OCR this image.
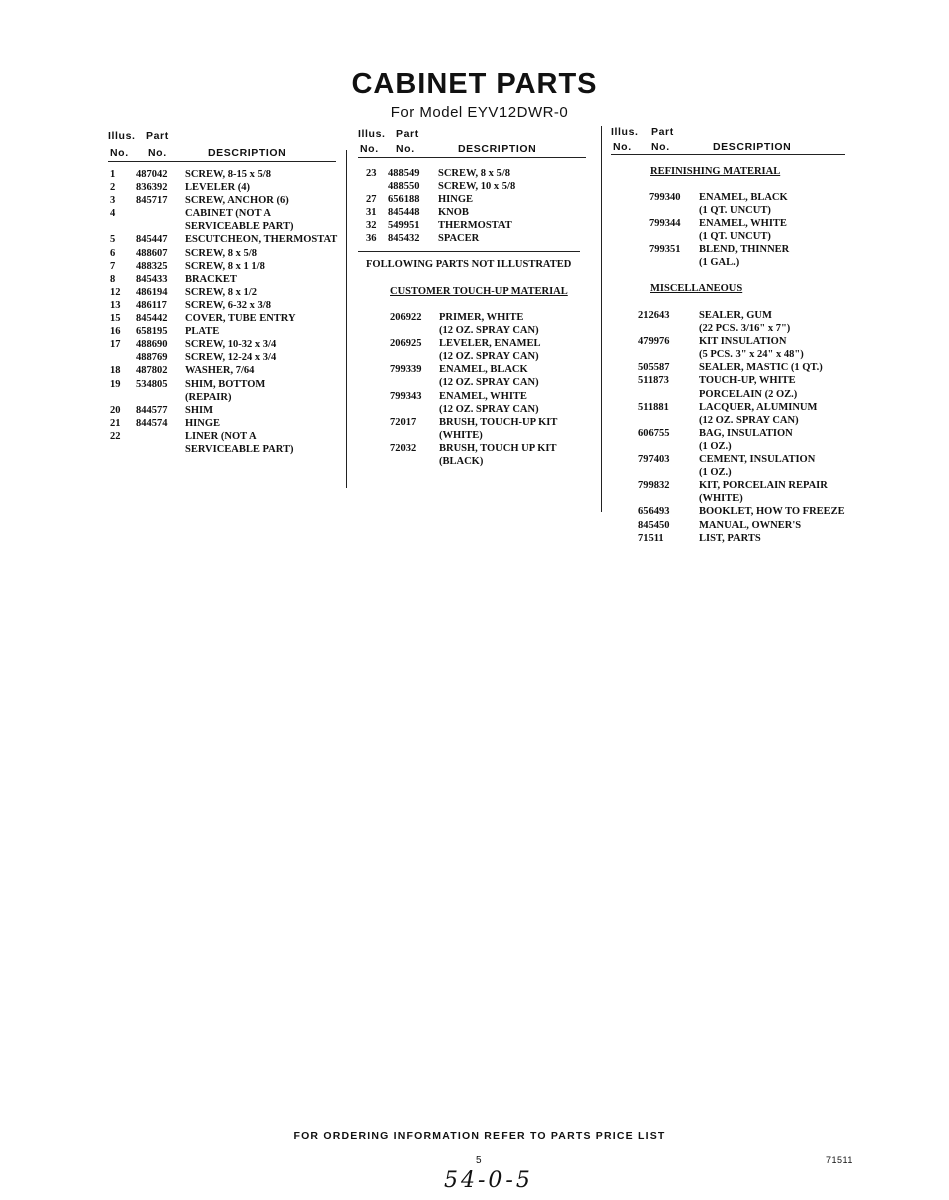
CABINET PARTS
For Model EYV12DWR-0
Illus. Part
No. No.	DESCRIPTION
1 487042 SCREW, 8-15 x 5/8
2 836392 LEVELER (4)
3 845717 SCREW, ANCHOR (6)
4	CABINET (NOT A
SERVICEABLE PART)
5 845447 ESCUTCHEON, THERMOSTAT
6 488607 SCREW, 8 x 5/8
7 488325 SCREW, 8 x 1 1/8
8 845433 BRACKET
12 486194 SCREW, 8 x 1/2
13 486117 SCREW, 6-32 x 3/8
15 845442 COVER, TUBE ENTRY
16 658195 PLATE
17 488690 SCREW, 10-32 x 3/4
488769 SCREW, 12-24 x 3/4
18 487802 WASHER, 7/64
19 534805 SHIM, BOTTOM
(REPAIR)
20 844577 SHIM
21 844574 HINGE
22	LINER (NOT A
SERVICEABLE PART)
Illus. Part
No. No.	DESCRIPTION
23 488549 SCREW, 8 x 5/8
488550 SCREW, 10 x 5/8
27 656188 HINGE
31 845448 KNOB
32 549951 THERMOSTAT
36 845432 SPACER
FOLLOWING PARTS NOT ILLUSTRATED
CUSTOMER TOUCH-UP MATERIAL
206922 PRIMER, WHITE
(12 OZ. SPRAY CAN)
206925 LEVELER, ENAMEL
(12 OZ. SPRAY CAN)
799339 ENAMEL, BLACK
(12 OZ. SPRAY CAN)
799343 ENAMEL, WHITE
(12 OZ. SPRAY CAN)
72017 BRUSH, TOUCH-UP KIT
(WHITE)
72032 BRUSH, TOUCH UP KIT
(BLACK)
Illus. Part
No. No.	DESCRIPTION
REFINISHING MATERIAL
799340 ENAMEL, BLACK
(1 QT. UNCUT)
799344 ENAMEL, WHITE
(1 QT. UNCUT)
799351 BLEND, THINNER
(1 GAL.)
MISCELLANEOUS
212643	SEALER, GUM
(22 PCS. 3/16" x 7")
479976	KIT INSULATION
(5 PCS. 3" x 24" x 48")
505587	SEALER, MASTIC (1 QT.)
511873	TOUCH-UP, WHITE
PORCELAIN (2 OZ.)
511881	LACQUER, ALUMINUM
(12 OZ. SPRAY CAN)
606755	BAG, INSULATION
(1 OZ.)
797403	CEMENT, INSULATION
(1 OZ.)
799832	KIT, PORCELAIN REPAIR
(WHITE)
656493	BOOKLET, HOW TO FREEZE
845450	MANUAL, OWNER'S
71511	LIST, PARTS
FOR ORDERING INFORMATION REFER TO PARTS PRICE LIST
5	71511
54-0-5
